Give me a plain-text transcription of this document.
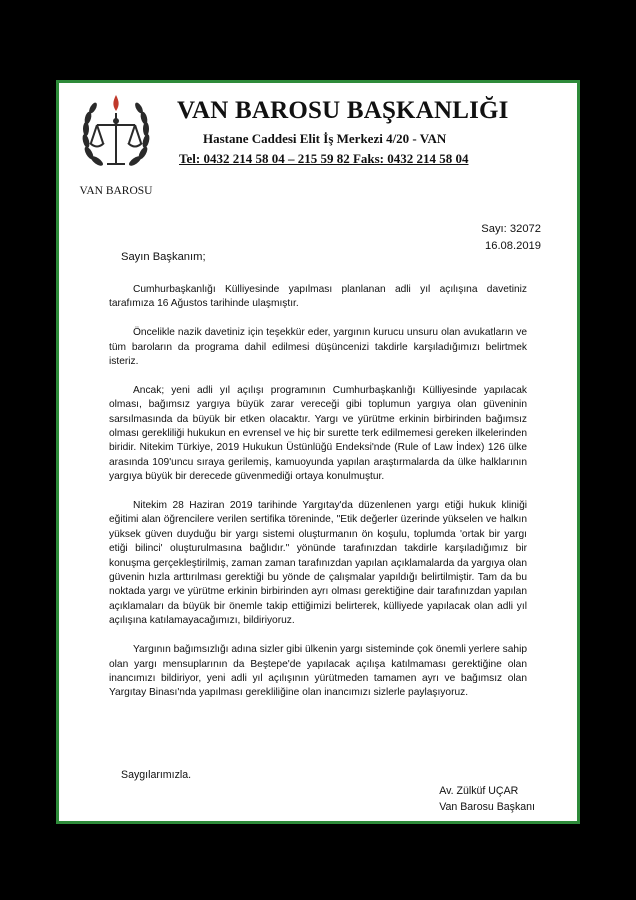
VAN BAROSU
VAN BAROSU BAŞKANLIĞI
Hastane Caddesi Elit İş Merkezi 4/20 - VAN
Tel: 0432 214 58 04 – 215 59 82 Faks: 0432 214 58 04
Sayı: 32072
16.08.2019
Sayın Başkanım;

Cumhurbaşkanlığı Külliyesinde yapılması planlanan adli yıl açılışına davetiniz tarafımıza 16 Ağustos tarihinde ulaşmıştır.

Öncelikle nazik davetiniz için teşekkür eder, yargının kurucu unsuru olan avukatların ve tüm baroların da programa dahil edilmesi düşüncenizi takdirle karşıladığımızı belirtmek isteriz.

Ancak; yeni adli yıl açılışı programının Cumhurbaşkanlığı Külliyesinde yapılacak olması, bağımsız yargıya büyük zarar vereceği gibi toplumun yargıya olan güveninin sarsılmasında da büyük bir etken olacaktır. Yargı ve yürütme erkinin birbirinden bağımsız olması gerekliliği hukukun en evrensel ve hiç bir surette terk edilmemesi gereken ilkelerinden biridir. Nitekim Türkiye, 2019 Hukukun Üstünlüğü Endeksi'nde (Rule of Law İndex) 126 ülke arasında 109'uncu sıraya gerilemiş, kamuoyunda yapılan araştırmalarda da ülke halklarının yargıya büyük bir derecede güvenmediği ortaya konulmuştur.

Nitekim 28 Haziran 2019 tarihinde Yargıtay'da düzenlenen yargı etiği hukuk kliniği eğitimi alan öğrencilere verilen sertifika töreninde, "Etik değerler üzerinde yükselen ve halkın yüksek güven duyduğu bir yargı sistemi oluşturmanın ön koşulu, toplumda 'ortak bir yargı etiği bilinci' oluşturulmasına bağlıdır." yönünde tarafınızdan takdirle karşıladığımız bir konuşma gerçekleştirilmiş, zaman zaman tarafınızdan yapılan açıklamalarda da yargıya olan güvenin hızla arttırılması gerektiği bu yönde de çalışmalar yapıldığı belirtilmiştir. Tam da bu noktada yargı ve yürütme erkinin birbirinden ayrı olması gerektiğine dair tarafınızdan yapılan açıklamaları da büyük bir önemle takip ettiğimizi belirterek, külliyede yapılacak olan adli yıl açılışına katılamayacağımızı, bildiriyoruz.

Yargının bağımsızlığı adına sizler gibi ülkenin yargı sisteminde çok önemli yerlere sahip olan yargı mensuplarının da Beştepe'de yapılacak açılışa katılmaması gerektiğine olan inancımızı bildiriyor, yeni adli yıl açılışının yürütmeden tamamen ayrı ve bağımsız olan Yargıtay Binası'nda yapılması gerekliliğine olan inancımızı sizlerle paylaşıyoruz.

Saygılarımızla.
Av. Zülküf UÇAR
Van Barosu Başkanı
